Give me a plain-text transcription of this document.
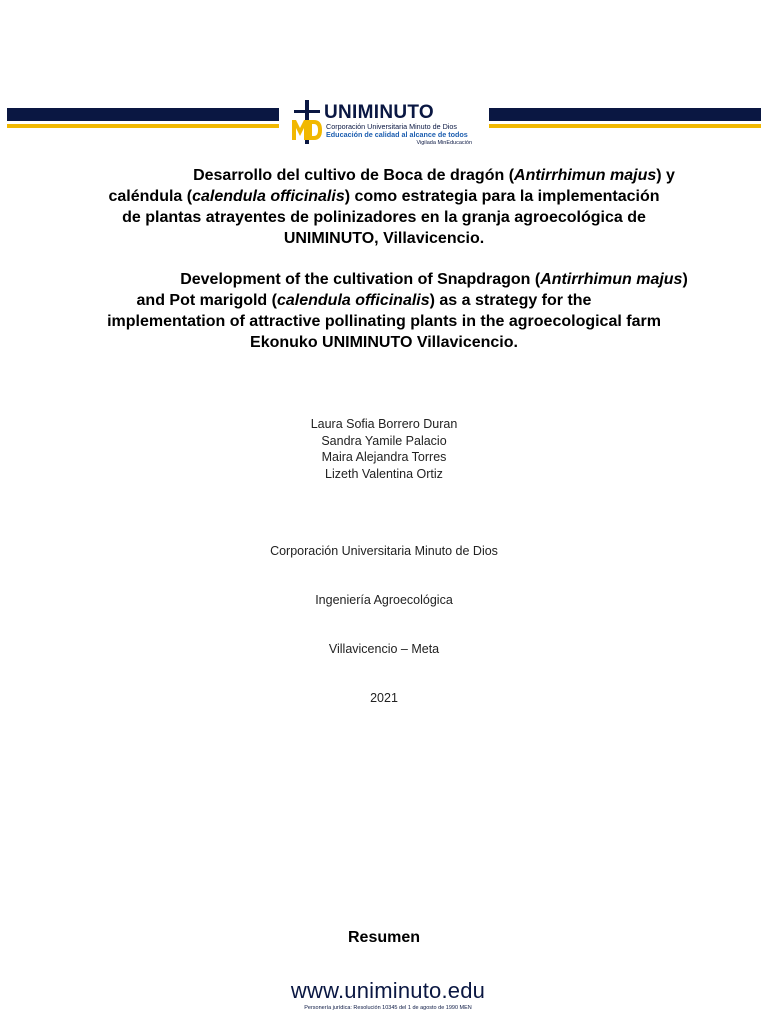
UNIMINUTO
Corporación Universitaria Minuto de Dios
Educación de calidad al alcance de todos
Vigilada MinEducación
Desarrollo del cultivo de Boca de dragón (Antirrhimun majus) y
caléndula (calendula officinalis) como estrategia para la implementación
de plantas atrayentes de polinizadores en la granja agroecológica de
UNIMINUTO, Villavicencio.
Development of the cultivation of Snapdragon (Antirrhimun majus)
and Pot marigold (calendula officinalis) as a strategy for the
implementation of attractive pollinating plants in the agroecological farm
Ekonuko UNIMINUTO Villavicencio.
Laura Sofia Borrero Duran
Sandra Yamile Palacio
Maira Alejandra Torres
Lizeth Valentina Ortiz
Corporación Universitaria Minuto de Dios
Ingeniería Agroecológica
Villavicencio – Meta
2021
Resumen
www.uniminuto.edu
Personería jurídica: Resolución 10345 del 1 de agosto de 1990 MEN
